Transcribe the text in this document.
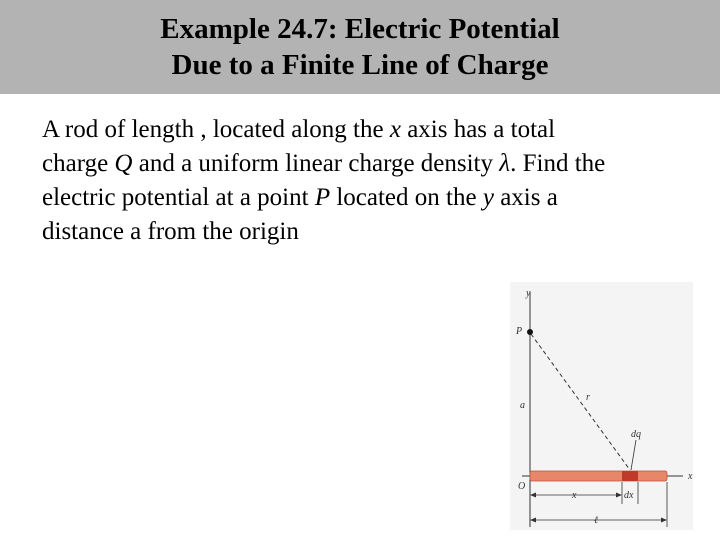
Example 24.7: Electric Potential
Due to a Finite Line of Charge
A rod of length , located along the x axis has a total
charge Q and a uniform linear charge density λ. Find the
electric potential at a point P located on the y axis a
distance a from the origin
y
P
a
r
dq
O
x
x	dx
ℓ
